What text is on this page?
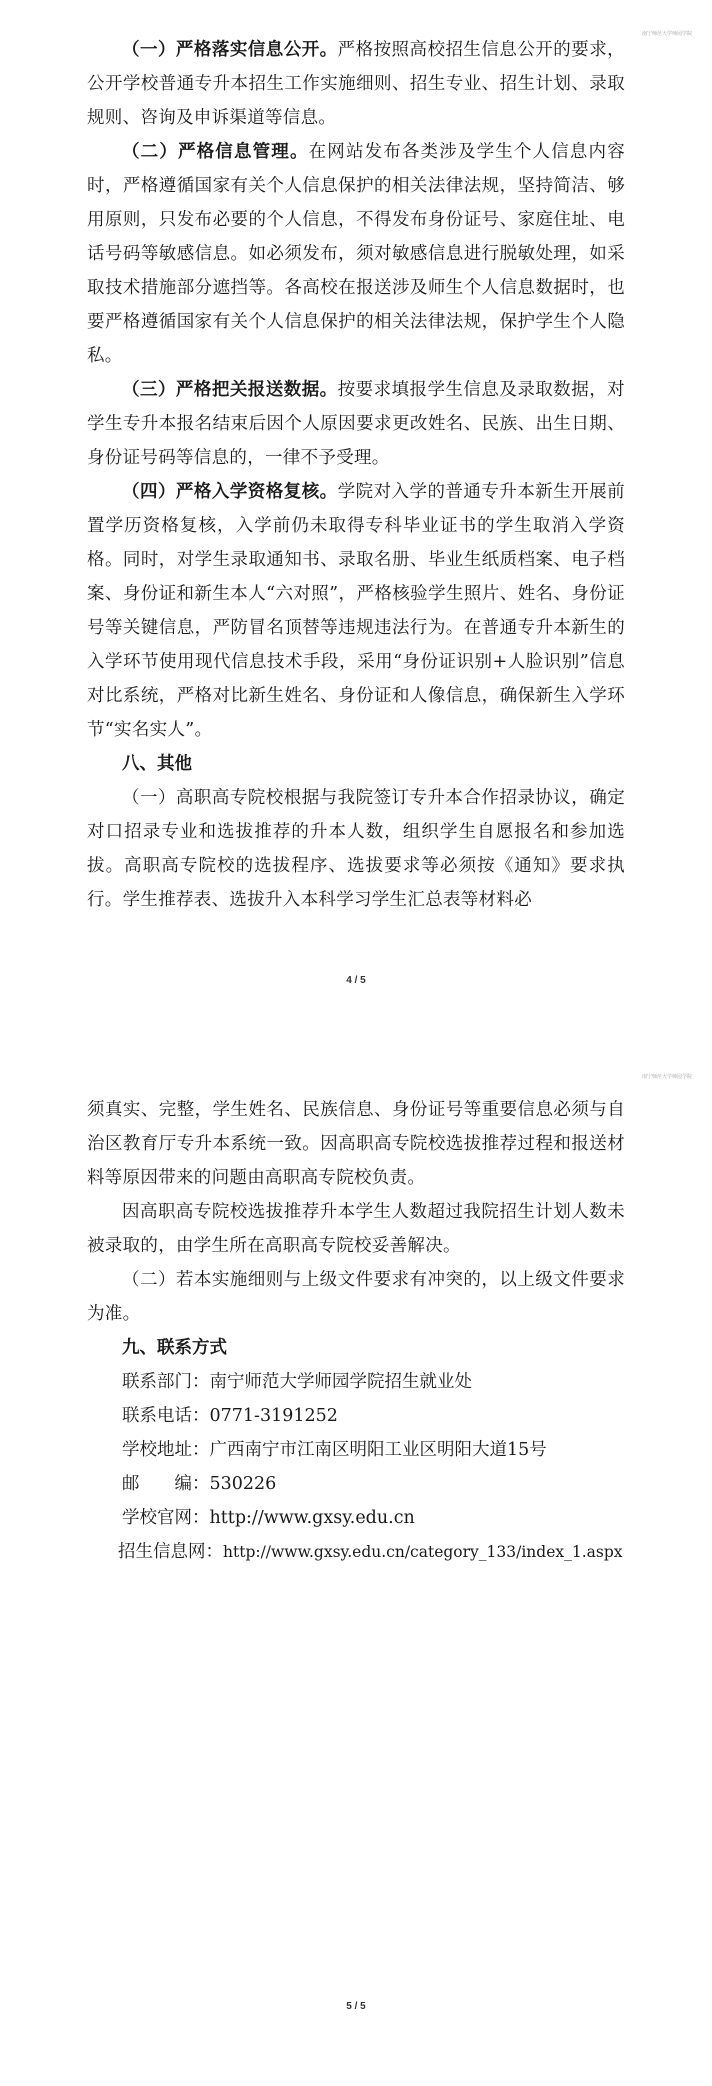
南宁师范大学师园学院

（一）严格落实信息公开。严格按照高校招生信息公开的要求，公开学校普通专升本招生工作实施细则、招生专业、招生计划、录取规则、咨询及申诉渠道等信息。

（二）严格信息管理。在网站发布各类涉及学生个人信息内容时，严格遵循国家有关个人信息保护的相关法律法规，坚持简洁、够用原则，只发布必要的个人信息，不得发布身份证号、家庭住址、电话号码等敏感信息。如必须发布，须对敏感信息进行脱敏处理，如采取技术措施部分遮挡等。各高校在报送涉及师生个人信息数据时，也要严格遵循国家有关个人信息保护的相关法律法规，保护学生个人隐私。

（三）严格把关报送数据。按要求填报学生信息及录取数据，对学生专升本报名结束后因个人原因要求更改姓名、民族、出生日期、身份证号码等信息的，一律不予受理。

（四）严格入学资格复核。学院对入学的普通专升本新生开展前置学历资格复核，入学前仍未取得专科毕业证书的学生取消入学资格。同时，对学生录取通知书、录取名册、毕业生纸质档案、电子档案、身份证和新生本人“六对照”，严格核验学生照片、姓名、身份证号等关键信息，严防冒名顶替等违规违法行为。在普通专升本新生的入学环节使用现代信息技术手段，采用“身份证识别+人脸识别”信息对比系统，严格对比新生姓名、身份证和人像信息，确保新生入学环节“实名实人”。

八、其他

（一）高职高专院校根据与我院签订专升本合作招录协议，确定对口招录专业和选拔推荐的升本人数，组织学生自愿报名和参加选拔。高职高专院校的选拔程序、选拔要求等必须按《通知》要求执行。学生推荐表、选拔升入本科学习学生汇总表等材料必

4 / 5
南宁师范大学师园学院

须真实、完整，学生姓名、民族信息、身份证号等重要信息必须与自治区教育厅专升本系统一致。因高职高专院校选拔推荐过程和报送材料等原因带来的问题由高职高专院校负责。

因高职高专院校选拔推荐升本学生人数超过我院招生计划人数未被录取的，由学生所在高职高专院校妥善解决。

（二）若本实施细则与上级文件要求有冲突的，以上级文件要求为准。

九、联系方式

联系部门：南宁师范大学师园学院招生就业处
联系电话：0771-3191252
学校地址：广西南宁市江南区明阳工业区明阳大道15号
邮　　编：530226
学校官网：http://www.gxsy.edu.cn
招生信息网：http://www.gxsy.edu.cn/category_133/index_1.aspx
5 / 5
